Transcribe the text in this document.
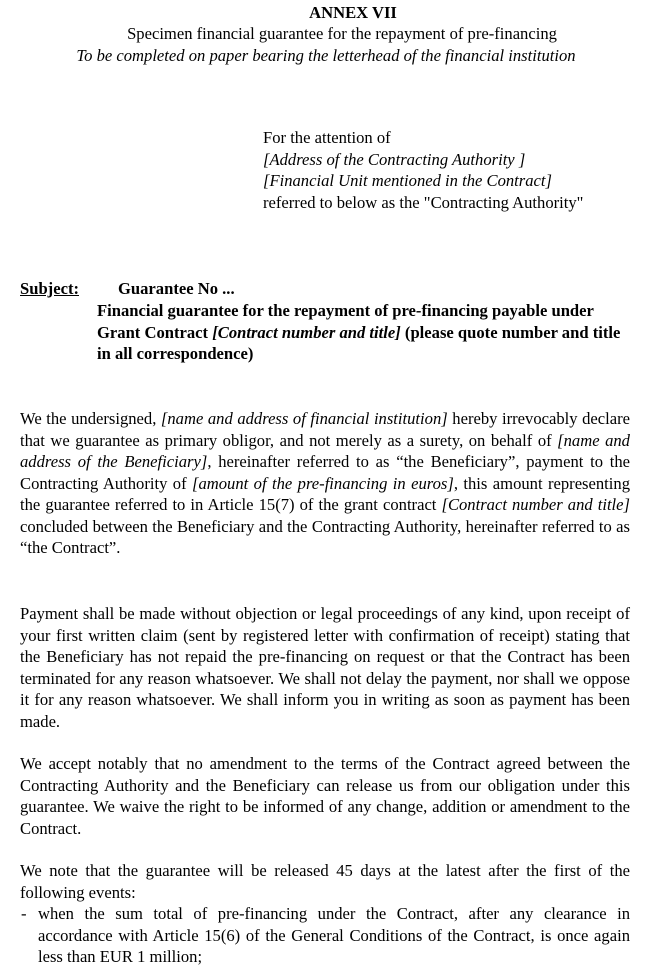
ANNEX VII
Specimen financial guarantee for the repayment of pre-financing
To be completed on paper bearing the letterhead of the financial institution
For the attention of
[Address of the Contracting Authority ]
[Financial Unit mentioned in the Contract]
referred to below as the "Contracting Authority"
Subject: Guarantee No ...
Financial guarantee for the repayment of pre-financing payable under Grant Contract [Contract number and title] (please quote number and title in all correspondence)
We the undersigned, [name and address of financial institution] hereby irrevocably declare that we guarantee as primary obligor, and not merely as a surety, on behalf of [name and address of the Beneficiary], hereinafter referred to as “the Beneficiary”, payment to the Contracting Authority of [amount of the pre-financing in euros], this amount representing the guarantee referred to in Article 15(7) of the grant contract [Contract number and title] concluded between the Beneficiary and the Contracting Authority, hereinafter referred to as “the Contract”.
Payment shall be made without objection or legal proceedings of any kind, upon receipt of your first written claim (sent by registered letter with confirmation of receipt) stating that the Beneficiary has not repaid the pre-financing on request or that the Contract has been terminated for any reason whatsoever. We shall not delay the payment, nor shall we oppose it for any reason whatsoever. We shall inform you in writing as soon as payment has been made.
We accept notably that no amendment to the terms of the Contract agreed between the Contracting Authority and the Beneficiary can release us from our obligation under this guarantee. We waive the right to be informed of any change, addition or amendment to the Contract.
We note that the guarantee will be released 45 days at the latest after the first of the following events:
- when the sum total of pre-financing under the Contract, after any clearance in accordance with Article 15(6) of the General Conditions of the Contract, is once again less than EUR 1 million;
